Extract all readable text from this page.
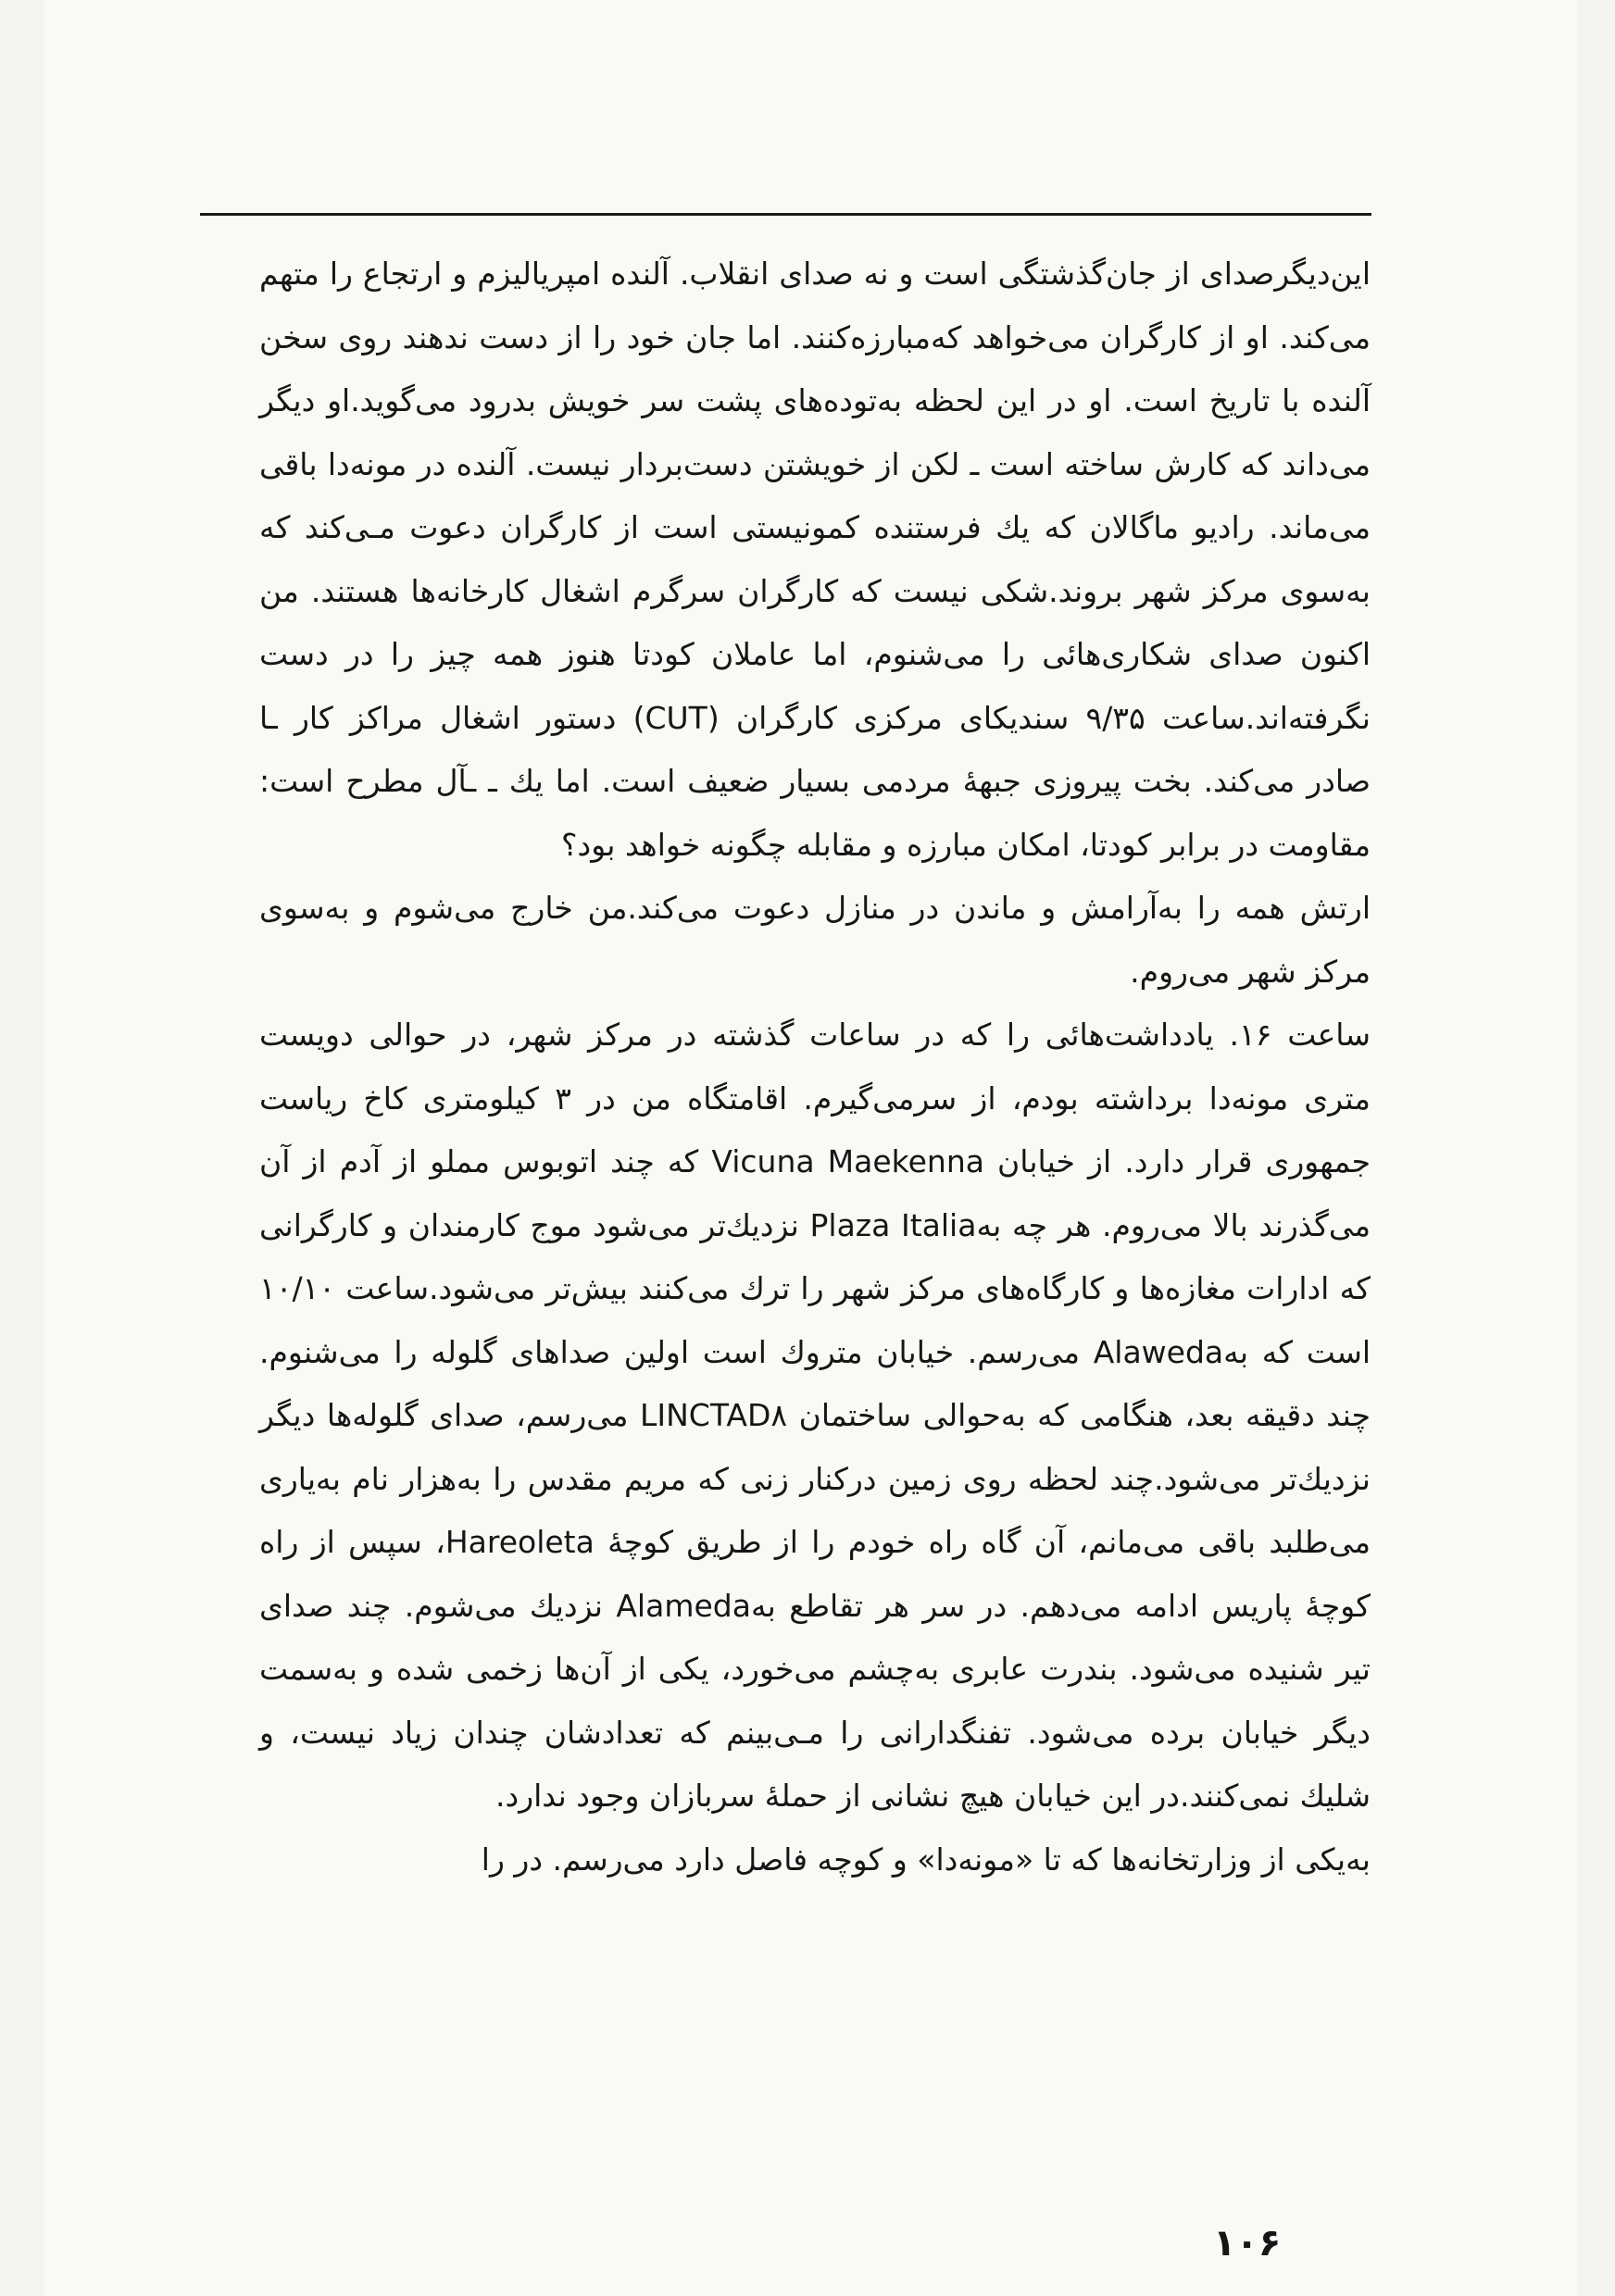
این‌دیگرصدای از جان‌گذشتگی است و نه صدای انقلاب. آلنده امپریالیزم و ارتجاع را متهم می‌کند. او از کارگران می‌خواهد که‌مبارزه‌کنند. اما جان خود را از دست ندهند روی سخن آلنده با تاریخ است. او در این لحظه به‌توده‌های پشت سر خویش بدرود می‌گوید.او دیگر می‌داند که کارش ساخته است ـ لکن از خویشتن دست‌بردار نیست. آلنده در مونه‌دا باقی می‌ماند. رادیو ماگالان که یك فرستنده کمونیستی است از کارگران دعوت مـی‌کند که به‌سوی مرکز شهر بروند.شکی نیست که کارگران سرگرم اشغال کارخانه‌ها هستند. من اکنون صدای شکاری‌هائی را می‌شنوم، اما عاملان کودتا هنوز همه چیز را در دست نگرفته‌اند.ساعت ۹/۳۵ سندیکای مرکزی کارگران (CUT) دستور اشغال مراکز کار ـا صادر می‌کند. بخت پیروزی جبههٔ مردمی بسیار ضعیف است. اما یك ـ ـآل مطرح است: مقاومت در برابر کودتا، امکان مبارزه و مقابله چگونه خواهد بود؟

ارتش همه را به‌آرامش و ماندن در منازل دعوت می‌کند.من خارج می‌شوم و به‌سوی مرکز شهر می‌روم.

ساعت ۱۶. یادداشت‌هائی را که در ساعات گذشته در مرکز شهر، در حوالی دویست متری مونه‌دا برداشته بودم، از سرمی‌گیرم. اقامتگاه من در ۳ کیلومتری کاخ ریاست جمهوری قرار دارد. از خیابان Vicuna Maekenna که چند اتوبوس مملو از آدم از آن می‌گذرند بالا می‌روم. هر چه به‌Plaza Italia نزدیك‌تر می‌شود موج کارمندان و کارگرانی که ادارات مغازه‌ها و کارگاه‌های مرکز شهر را ترك می‌کنند بیش‌تر می‌شود.ساعت ۱۰/۱۰ است که به‌Alaweda می‌رسم. خیابان متروك است اولین صداهای گلوله را می‌شنوم. چند دقیقه بعد، هنگامی که به‌حوالی ساختمان LINCTAD۸ می‌رسم، صدای گلوله‌ها دیگر نزدیك‌تر می‌شود.چند لحظه روی زمین درکنار زنی که مریم مقدس را به‌هزار نام به‌یاری می‌طلبد باقی می‌مانم، آن گاه راه خودم را از طریق کوچهٔ Hareoleta، سپس از راه کوچهٔ پاریس ادامه می‌دهم. در سر هر تقاطع به‌Alameda نزدیك می‌شوم. چند صدای تیر شنیده می‌شود. بندرت عابری به‌چشم می‌خورد، یکی از آن‌ها زخمی شده و به‌سمت دیگر خیابان برده می‌شود. تفنگدارانی را مـی‌بینم که تعدادشان چندان زیاد نیست، و شلیك نمی‌کنند.در این خیابان هیچ نشانی از حملهٔ سربازان وجود ندارد.

به‌یکی از وزارتخانه‌ها که تا «مونه‌دا» و کوچه فاصل دارد می‌رسم. در را

۱۰۶
